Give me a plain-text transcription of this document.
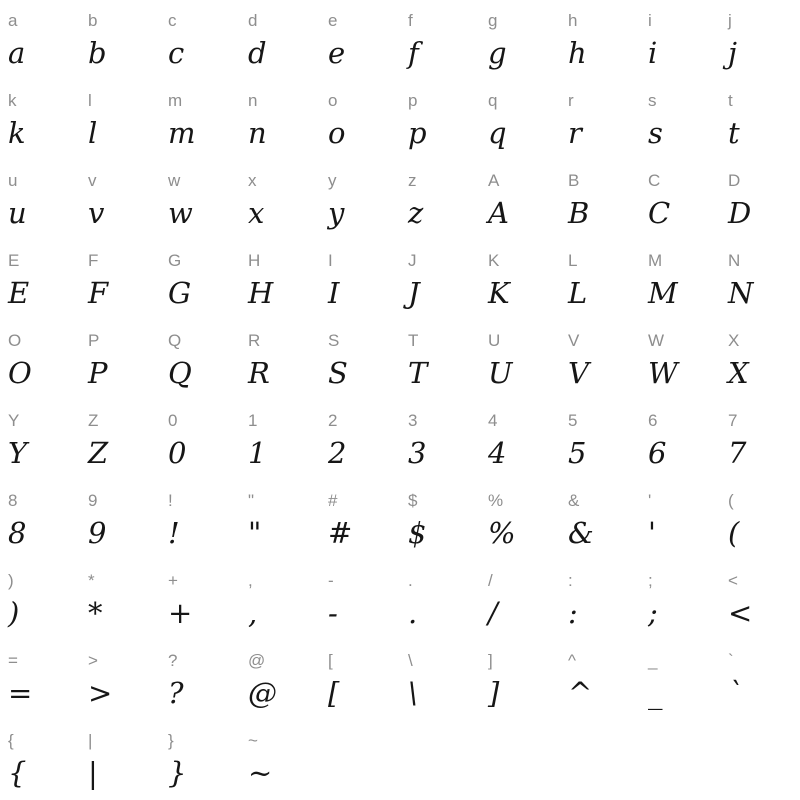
a
a
b
b
c
c
d
d
e
e
f
f
g
g
h
h
i
i
j
j
k
k
l
l
m
m
n
n
o
o
p
p
q
q
r
r
s
s
t
t
u
u
v
v
w
w
x
x
y
y
z
z
A
A
B
B
C
C
D
D
E
E
F
F
G
G
H
H
I
I
J
J
K
K
L
L
M
M
N
N
O
O
P
P
Q
Q
R
R
S
S
T
T
U
U
V
V
W
W
X
X
Y
Y
Z
Z
0
0
1
1
2
2
3
3
4
4
5
5
6
6
7
7
8
8
9
9
!
!
"
"
#
#
$
$
%
%
&
&
'
'
(
(
)
)
*
*
+
+
,
,
-
-
.
.
/
/
:
:
;
;
<
<
=
=
>
>
?
?
@
@
[
[
\
\
]
]
^
^
_
_
`
`
{
{
|
|
}
}
~
~
